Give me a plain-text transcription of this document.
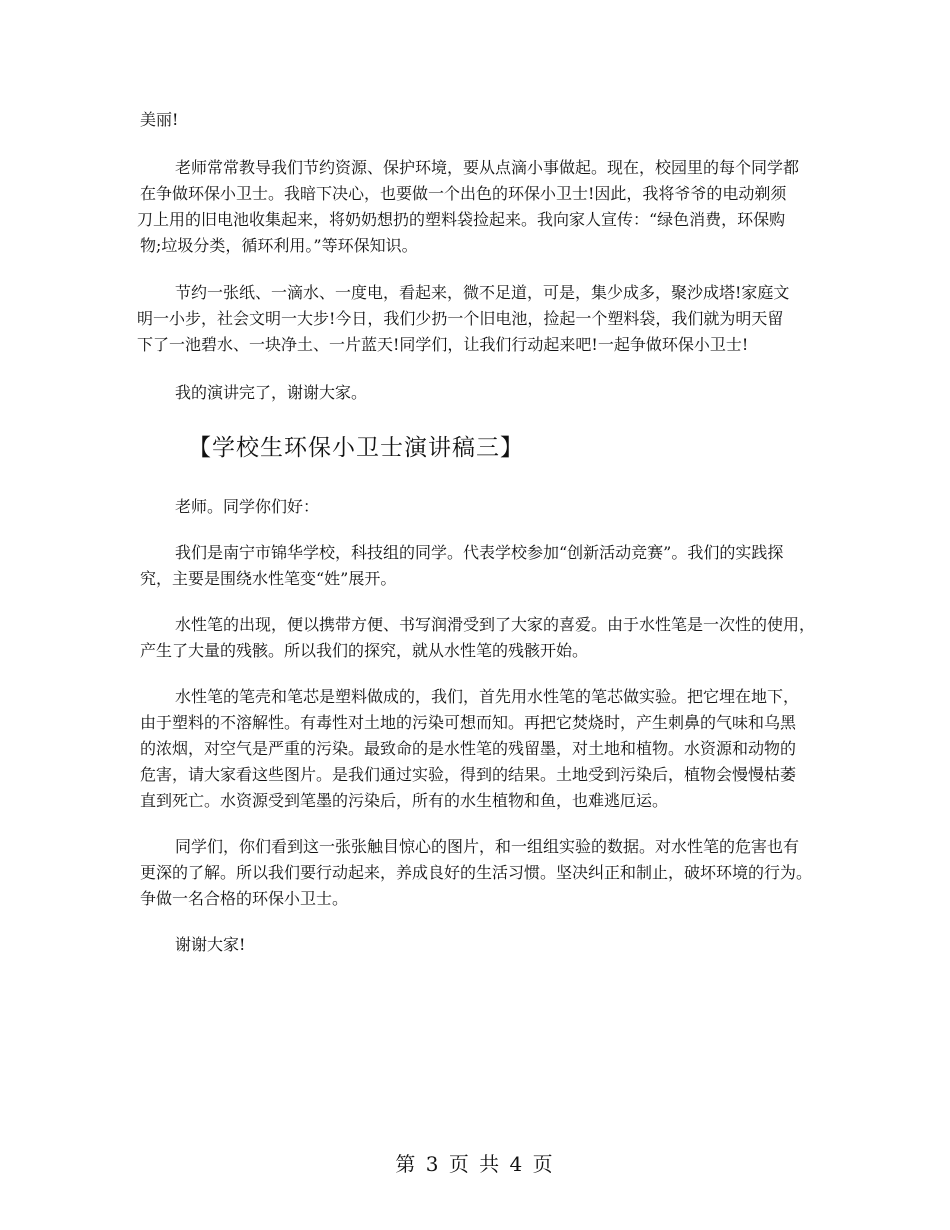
美丽!
老师常常教导我们节约资源、保护环境，要从点滴小事做起。现在，校园里的每个同学都
在争做环保小卫士。我暗下决心，也要做一个出色的环保小卫士!因此，我将爷爷的电动剃须
刀上用的旧电池收集起来，将奶奶想扔的塑料袋捡起来。我向家人宣传：“绿色消费，环保购
物;垃圾分类，循环利用。”等环保知识。
节约一张纸、一滴水、一度电，看起来，微不足道，可是，集少成多，聚沙成塔!家庭文
明一小步，社会文明一大步!今日，我们少扔一个旧电池，捡起一个塑料袋，我们就为明天留
下了一池碧水、一块净土、一片蓝天!同学们，让我们行动起来吧!一起争做环保小卫士!
我的演讲完了，谢谢大家。
【学校生环保小卫士演讲稿三】
老师。同学你们好：
我们是南宁市锦华学校，科技组的同学。代表学校参加“创新活动竞赛”。我们的实践探
究，主要是围绕水性笔变“姓”展开。
水性笔的出现，便以携带方便、书写润滑受到了大家的喜爱。由于水性笔是一次性的使用，
产生了大量的残骸。所以我们的探究，就从水性笔的残骸开始。
水性笔的笔壳和笔芯是塑料做成的，我们，首先用水性笔的笔芯做实验。把它埋在地下，
由于塑料的不溶解性。有毒性对土地的污染可想而知。再把它焚烧时，产生刺鼻的气味和乌黑
的浓烟，对空气是严重的污染。最致命的是水性笔的残留墨，对土地和植物。水资源和动物的
危害，请大家看这些图片。是我们通过实验，得到的结果。土地受到污染后，植物会慢慢枯萎
直到死亡。水资源受到笔墨的污染后，所有的水生植物和鱼，也难逃厄运。
同学们，你们看到这一张张触目惊心的图片，和一组组实验的数据。对水性笔的危害也有
更深的了解。所以我们要行动起来，养成良好的生活习惯。坚决纠正和制止，破坏环境的行为。
争做一名合格的环保小卫士。
谢谢大家!
第 3 页 共 4 页
